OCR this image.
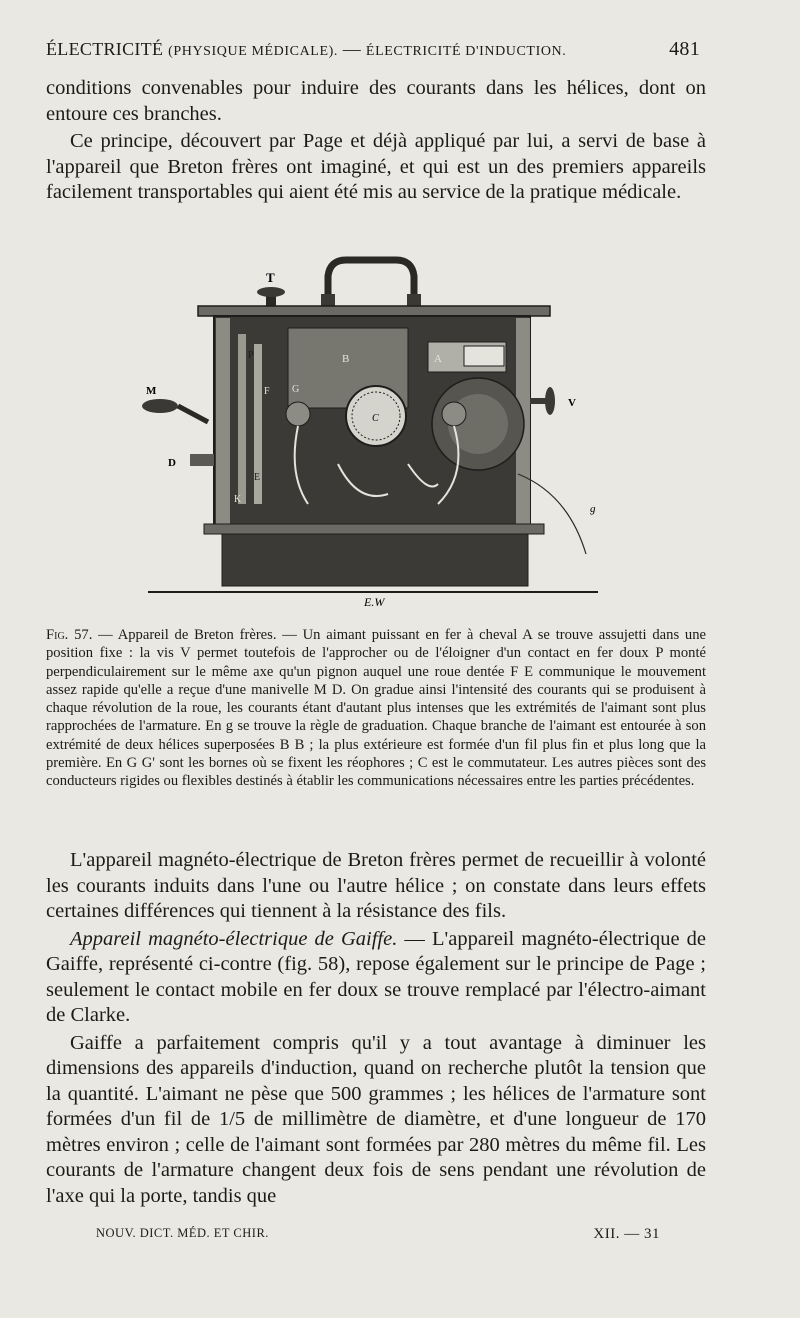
ÉLECTRICITÉ (PHYSIQUE MÉDICALE). — ÉLECTRICITÉ D'INDUCTION.	481

conditions convenables pour induire des courants dans les hélices, dont on entoure ces branches.

Ce principe, découvert par Page et déjà appliqué par lui, a servi de base à l'appareil que Breton frères ont imaginé, et qui est un des premiers appareils facilement transportables qui aient été mis au service de la pratique médicale.

T
M
D
V
A
B
P
E
F
K
G
C
g
E.W
Fig. 57. — Appareil de Breton frères. — Un aimant puissant en fer à cheval A se trouve assujetti dans une position fixe : la vis V permet toutefois de l'approcher ou de l'éloigner d'un contact en fer doux P monté perpendiculairement sur le même axe qu'un pignon auquel une roue dentée F E communique le mouvement assez rapide qu'elle a reçue d'une manivelle M D. On gradue ainsi l'intensité des courants qui se produisent à chaque révolution de la roue, les courants étant d'autant plus intenses que les extrémités de l'aimant sont plus rapprochées de l'armature. En g se trouve la règle de graduation. Chaque branche de l'aimant est entourée à son extrémité de deux hélices superposées B B ; la plus extérieure est formée d'un fil plus fin et plus long que la première. En G G' sont les bornes où se fixent les réophores ; C est le commutateur. Les autres pièces sont des conducteurs rigides ou flexibles destinés à établir les communications nécessaires entre les parties précédentes.

L'appareil magnéto-électrique de Breton frères permet de recueillir à volonté les courants induits dans l'une ou l'autre hélice ; on constate dans leurs effets certaines différences qui tiennent à la résistance des fils.

Appareil magnéto-électrique de Gaiffe. — L'appareil magnéto-électrique de Gaiffe, représenté ci-contre (fig. 58), repose également sur le principe de Page ; seulement le contact mobile en fer doux se trouve remplacé par l'électro-aimant de Clarke.

Gaiffe a parfaitement compris qu'il y a tout avantage à diminuer les dimensions des appareils d'induction, quand on recherche plutôt la tension que la quantité. L'aimant ne pèse que 500 grammes ; les hélices de l'armature sont formées d'un fil de 1/5 de millimètre de diamètre, et d'une longueur de 170 mètres environ ; celle de l'aimant sont formées par 280 mètres du même fil. Les courants de l'armature changent deux fois de sens pendant une révolution de l'axe qui la porte, tandis que

NOUV. DICT. MÉD. ET CHIR.	XII. — 31
